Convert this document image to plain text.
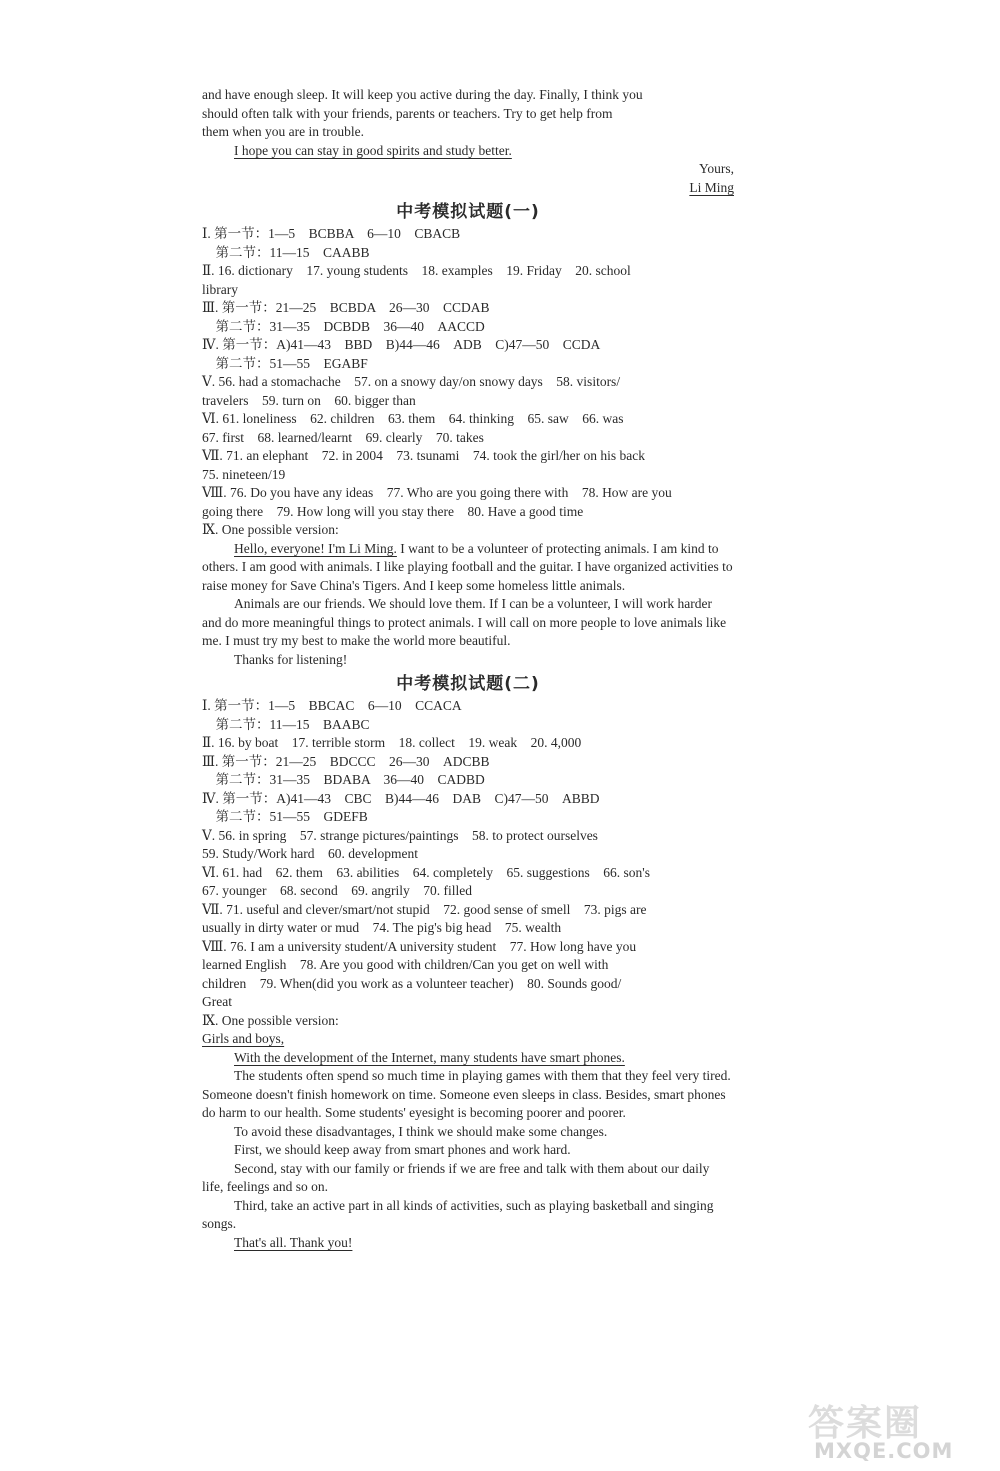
and have enough sleep. It will keep you active during the day. Finally, I think you

should often talk with your friends, parents or teachers. Try to get help from

them when you are in trouble.

I hope you can stay in good spirits and study better.

Yours,

Li Ming

中考模拟试题(一)

Ⅰ. 第一节：1—5　BCBBA　6—10　CBACB

　第二节：11—15　CAABB

Ⅱ. 16. dictionary　17. young students　18. examples　19. Friday　20. school

library

Ⅲ. 第一节：21—25　BCBDA　26—30　CCDAB

　第二节：31—35　DCBDB　36—40　AACCD

Ⅳ. 第一节：A)41—43　BBD　B)44—46　ADB　C)47—50　CCDA

　第二节：51—55　EGABF

Ⅴ. 56. had a stomachache　57. on a snowy day/on snowy days　58. visitors/

travelers　59. turn on　60. bigger than

Ⅵ. 61. loneliness　62. children　63. them　64. thinking　65. saw　66. was

67. first　68. learned/learnt　69. clearly　70. takes

Ⅶ. 71. an elephant　72. in 2004　73. tsunami　74. took the girl/her on his back

75. nineteen/19

Ⅷ. 76. Do you have any ideas　77. Who are you going there with　78. How are you

going there　79. How long will you stay there　80. Have a good time

Ⅸ. One possible version:

Hello, everyone! I'm Li Ming. I want to be a volunteer of protecting animals. I am kind to others. I am good with animals. I like playing football and the guitar. I have organized activities to raise money for Save China's Tigers. And I keep some homeless little animals.

Animals are our friends. We should love them. If I can be a volunteer, I will work harder and do more meaningful things to protect animals. I will call on more people to love animals like me. I must try my best to make the world more beautiful.

Thanks for listening!

中考模拟试题(二)

Ⅰ. 第一节：1—5　BBCAC　6—10　CCACA

　第二节：11—15　BAABC

Ⅱ. 16. by boat　17. terrible storm　18. collect　19. weak　20. 4,000

Ⅲ. 第一节：21—25　BDCCC　26—30　ADCBB

　第二节：31—35　BDABA　36—40　CADBD

Ⅳ. 第一节：A)41—43　CBC　B)44—46　DAB　C)47—50　ABBD

　第二节：51—55　GDEFB

Ⅴ. 56. in spring　57. strange pictures/paintings　58. to protect ourselves

59. Study/Work hard　60. development

Ⅵ. 61. had　62. them　63. abilities　64. completely　65. suggestions　66. son's

67. younger　68. second　69. angrily　70. filled

Ⅶ. 71. useful and clever/smart/not stupid　72. good sense of smell　73. pigs are

usually in dirty water or mud　74. The pig's big head　75. wealth

Ⅷ. 76. I am a university student/A university student　77. How long have you

learned English　78. Are you good with children/Can you get on well with

children　79. When(did you work as a volunteer teacher)　80. Sounds good/

Great

Ⅸ. One possible version:

Girls and boys,

With the development of the Internet, many students have smart phones.

The students often spend so much time in playing games with them that they feel very tired. Someone doesn't finish homework on time. Someone even sleeps in class. Besides, smart phones do harm to our health. Some students' eyesight is becoming poorer and poorer.

To avoid these disadvantages, I think we should make some changes.

First, we should keep away from smart phones and work hard.

Second, stay with our family or friends if we are free and talk with them about our daily life, feelings and so on.

Third, take an active part in all kinds of activities, such as playing basketball and singing songs.

That's all. Thank you!

答案圈
MXQE.COM
